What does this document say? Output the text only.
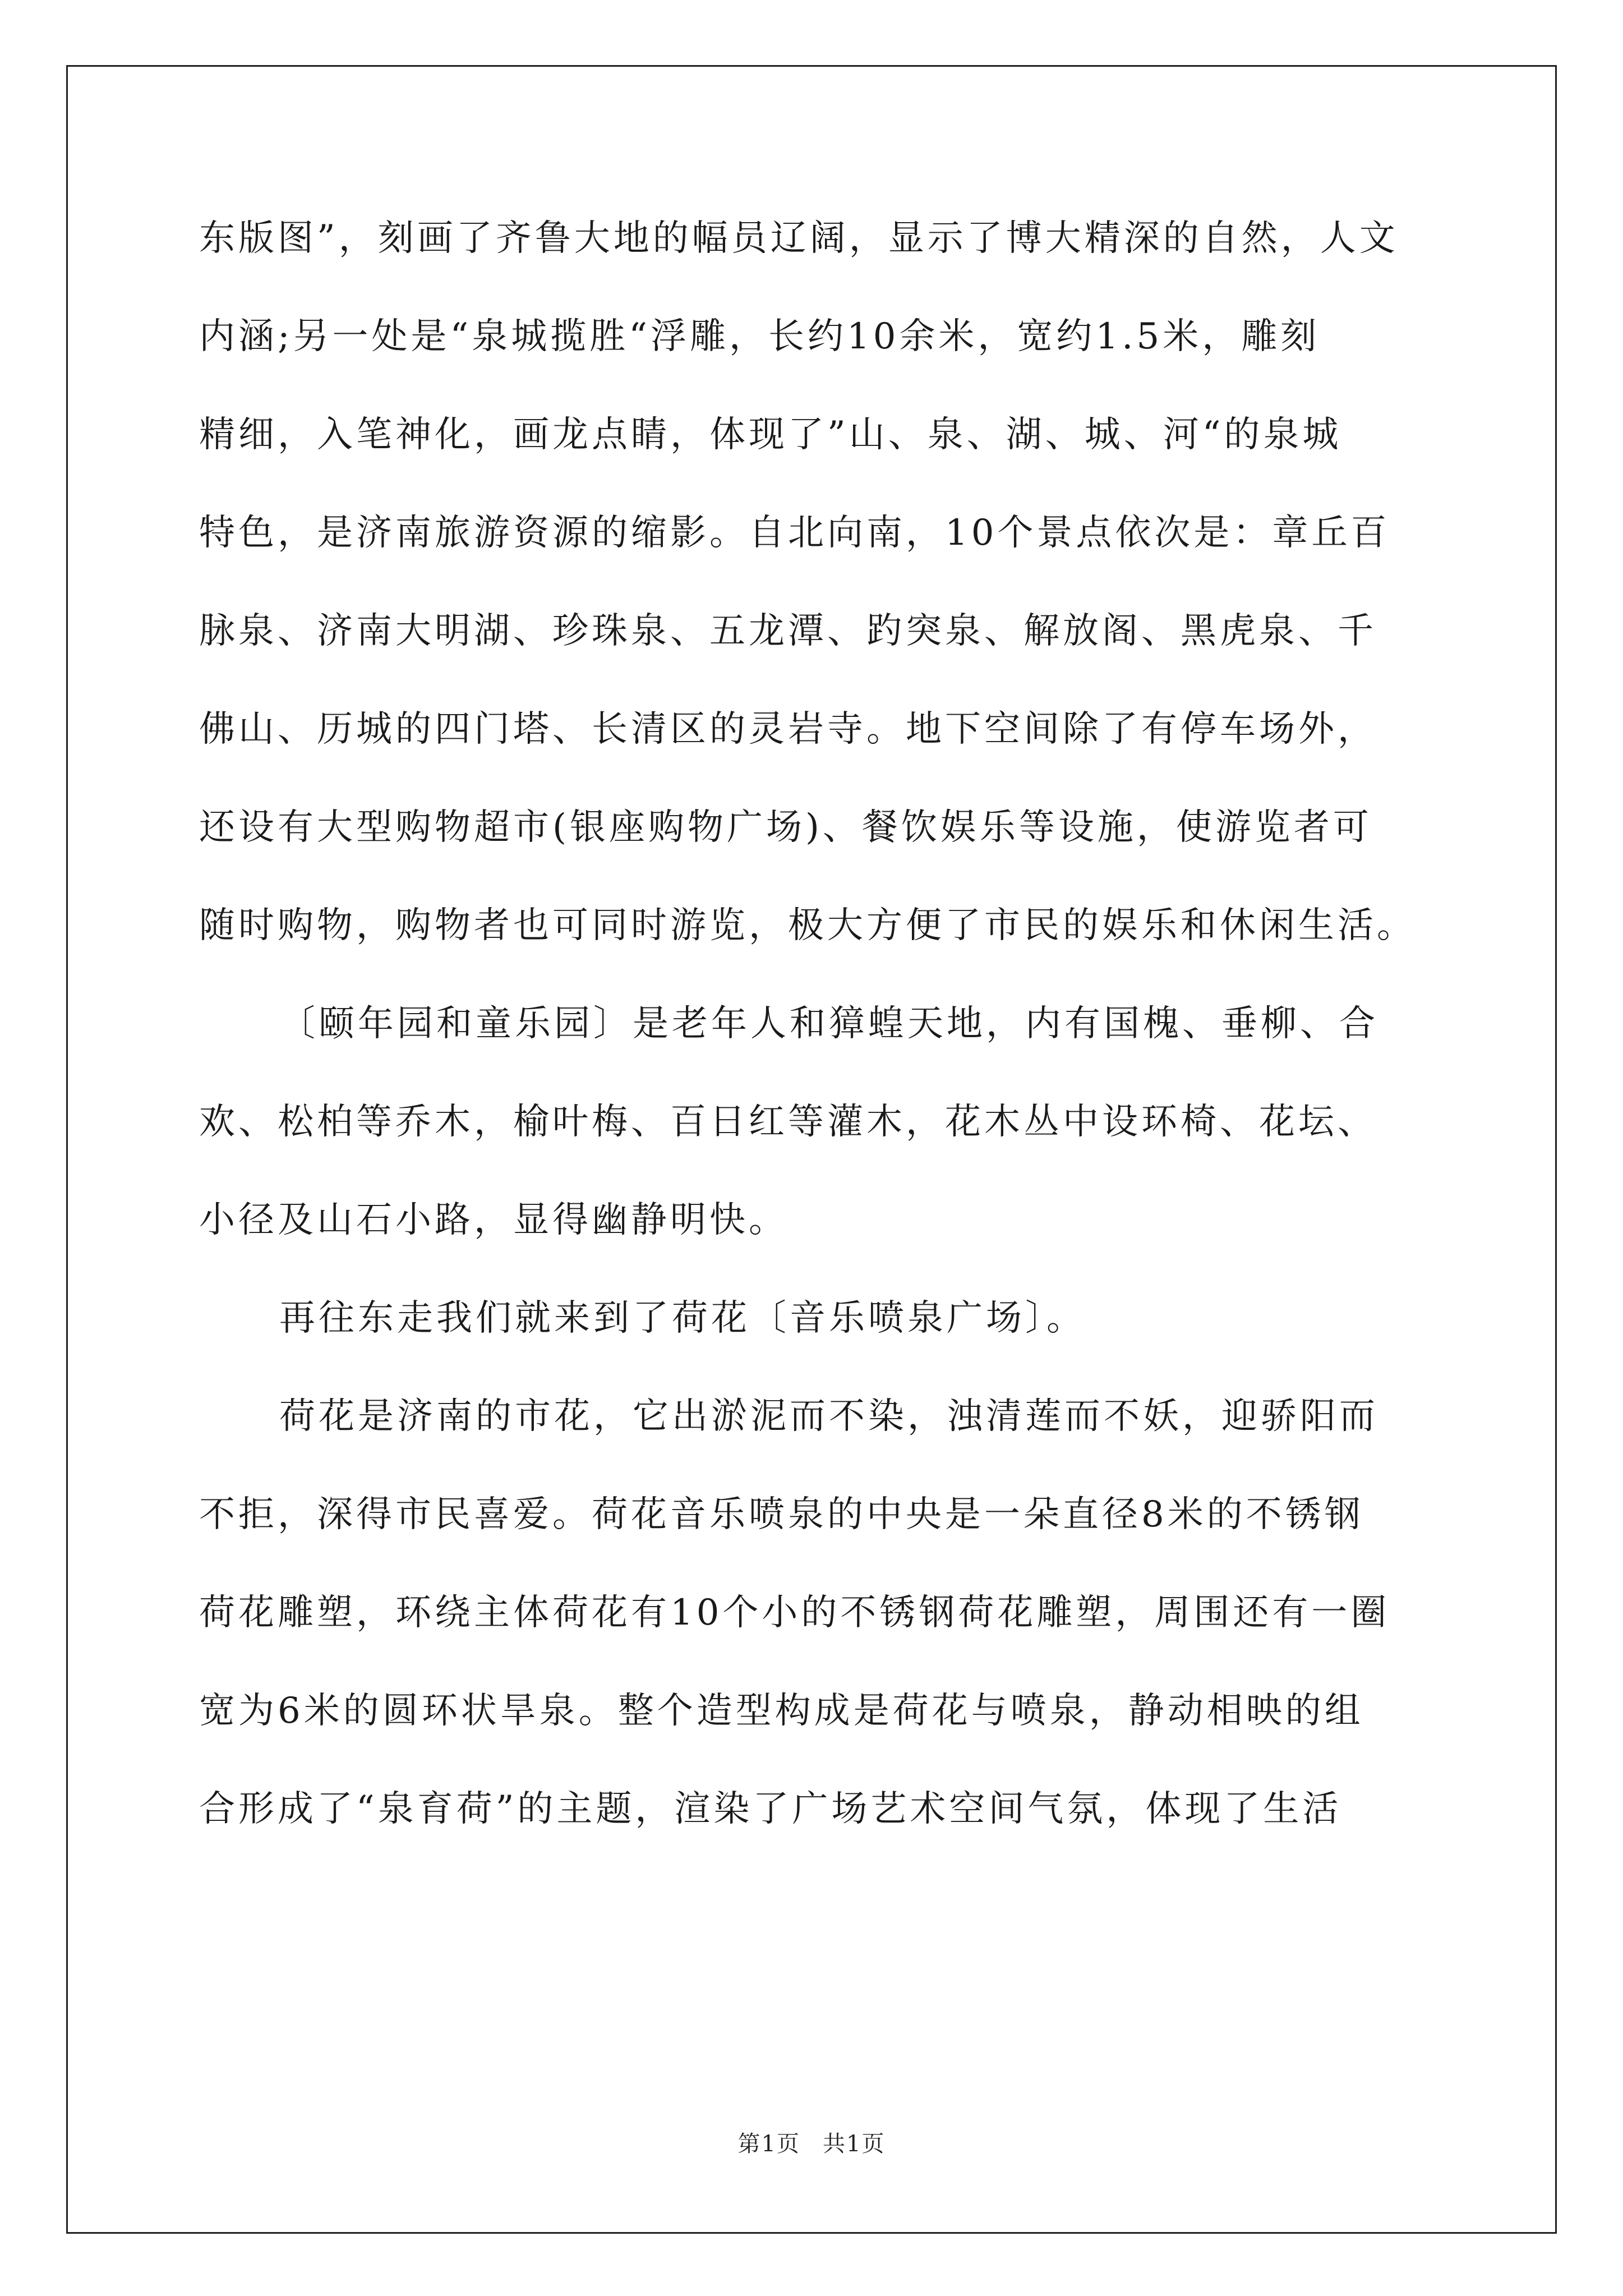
东版图”，刻画了齐鲁大地的幅员辽阔，显示了博大精深的自然，人文
内涵;另一处是“泉城揽胜“浮雕，长约10余米，宽约1.5米，雕刻
精细，入笔神化，画龙点睛，体现了”山、泉、湖、城、河“的泉城
特色，是济南旅游资源的缩影。自北向南，10个景点依次是：章丘百
脉泉、济南大明湖、珍珠泉、五龙潭、趵突泉、解放阁、黑虎泉、千
佛山、历城的四门塔、长清区的灵岩寺。地下空间除了有停车场外，
还设有大型购物超市(银座购物广场)、餐饮娱乐等设施，使游览者可
随时购物，购物者也可同时游览，极大方便了市民的娱乐和休闲生活。
〔颐年园和童乐园〕是老年人和獐蝗天地，内有国槐、垂柳、合
欢、松柏等乔木，榆叶梅、百日红等灌木，花木丛中设环椅、花坛、
小径及山石小路，显得幽静明快。
再往东走我们就来到了荷花〔音乐喷泉广场〕。
荷花是济南的市花，它出淤泥而不染，浊清莲而不妖，迎骄阳而
不拒，深得市民喜爱。荷花音乐喷泉的中央是一朵直径8米的不锈钢
荷花雕塑，环绕主体荷花有10个小的不锈钢荷花雕塑，周围还有一圈
宽为6米的圆环状旱泉。整个造型构成是荷花与喷泉，静动相映的组
合形成了“泉育荷”的主题，渲染了广场艺术空间气氛，体现了生活
第1页 共1页
